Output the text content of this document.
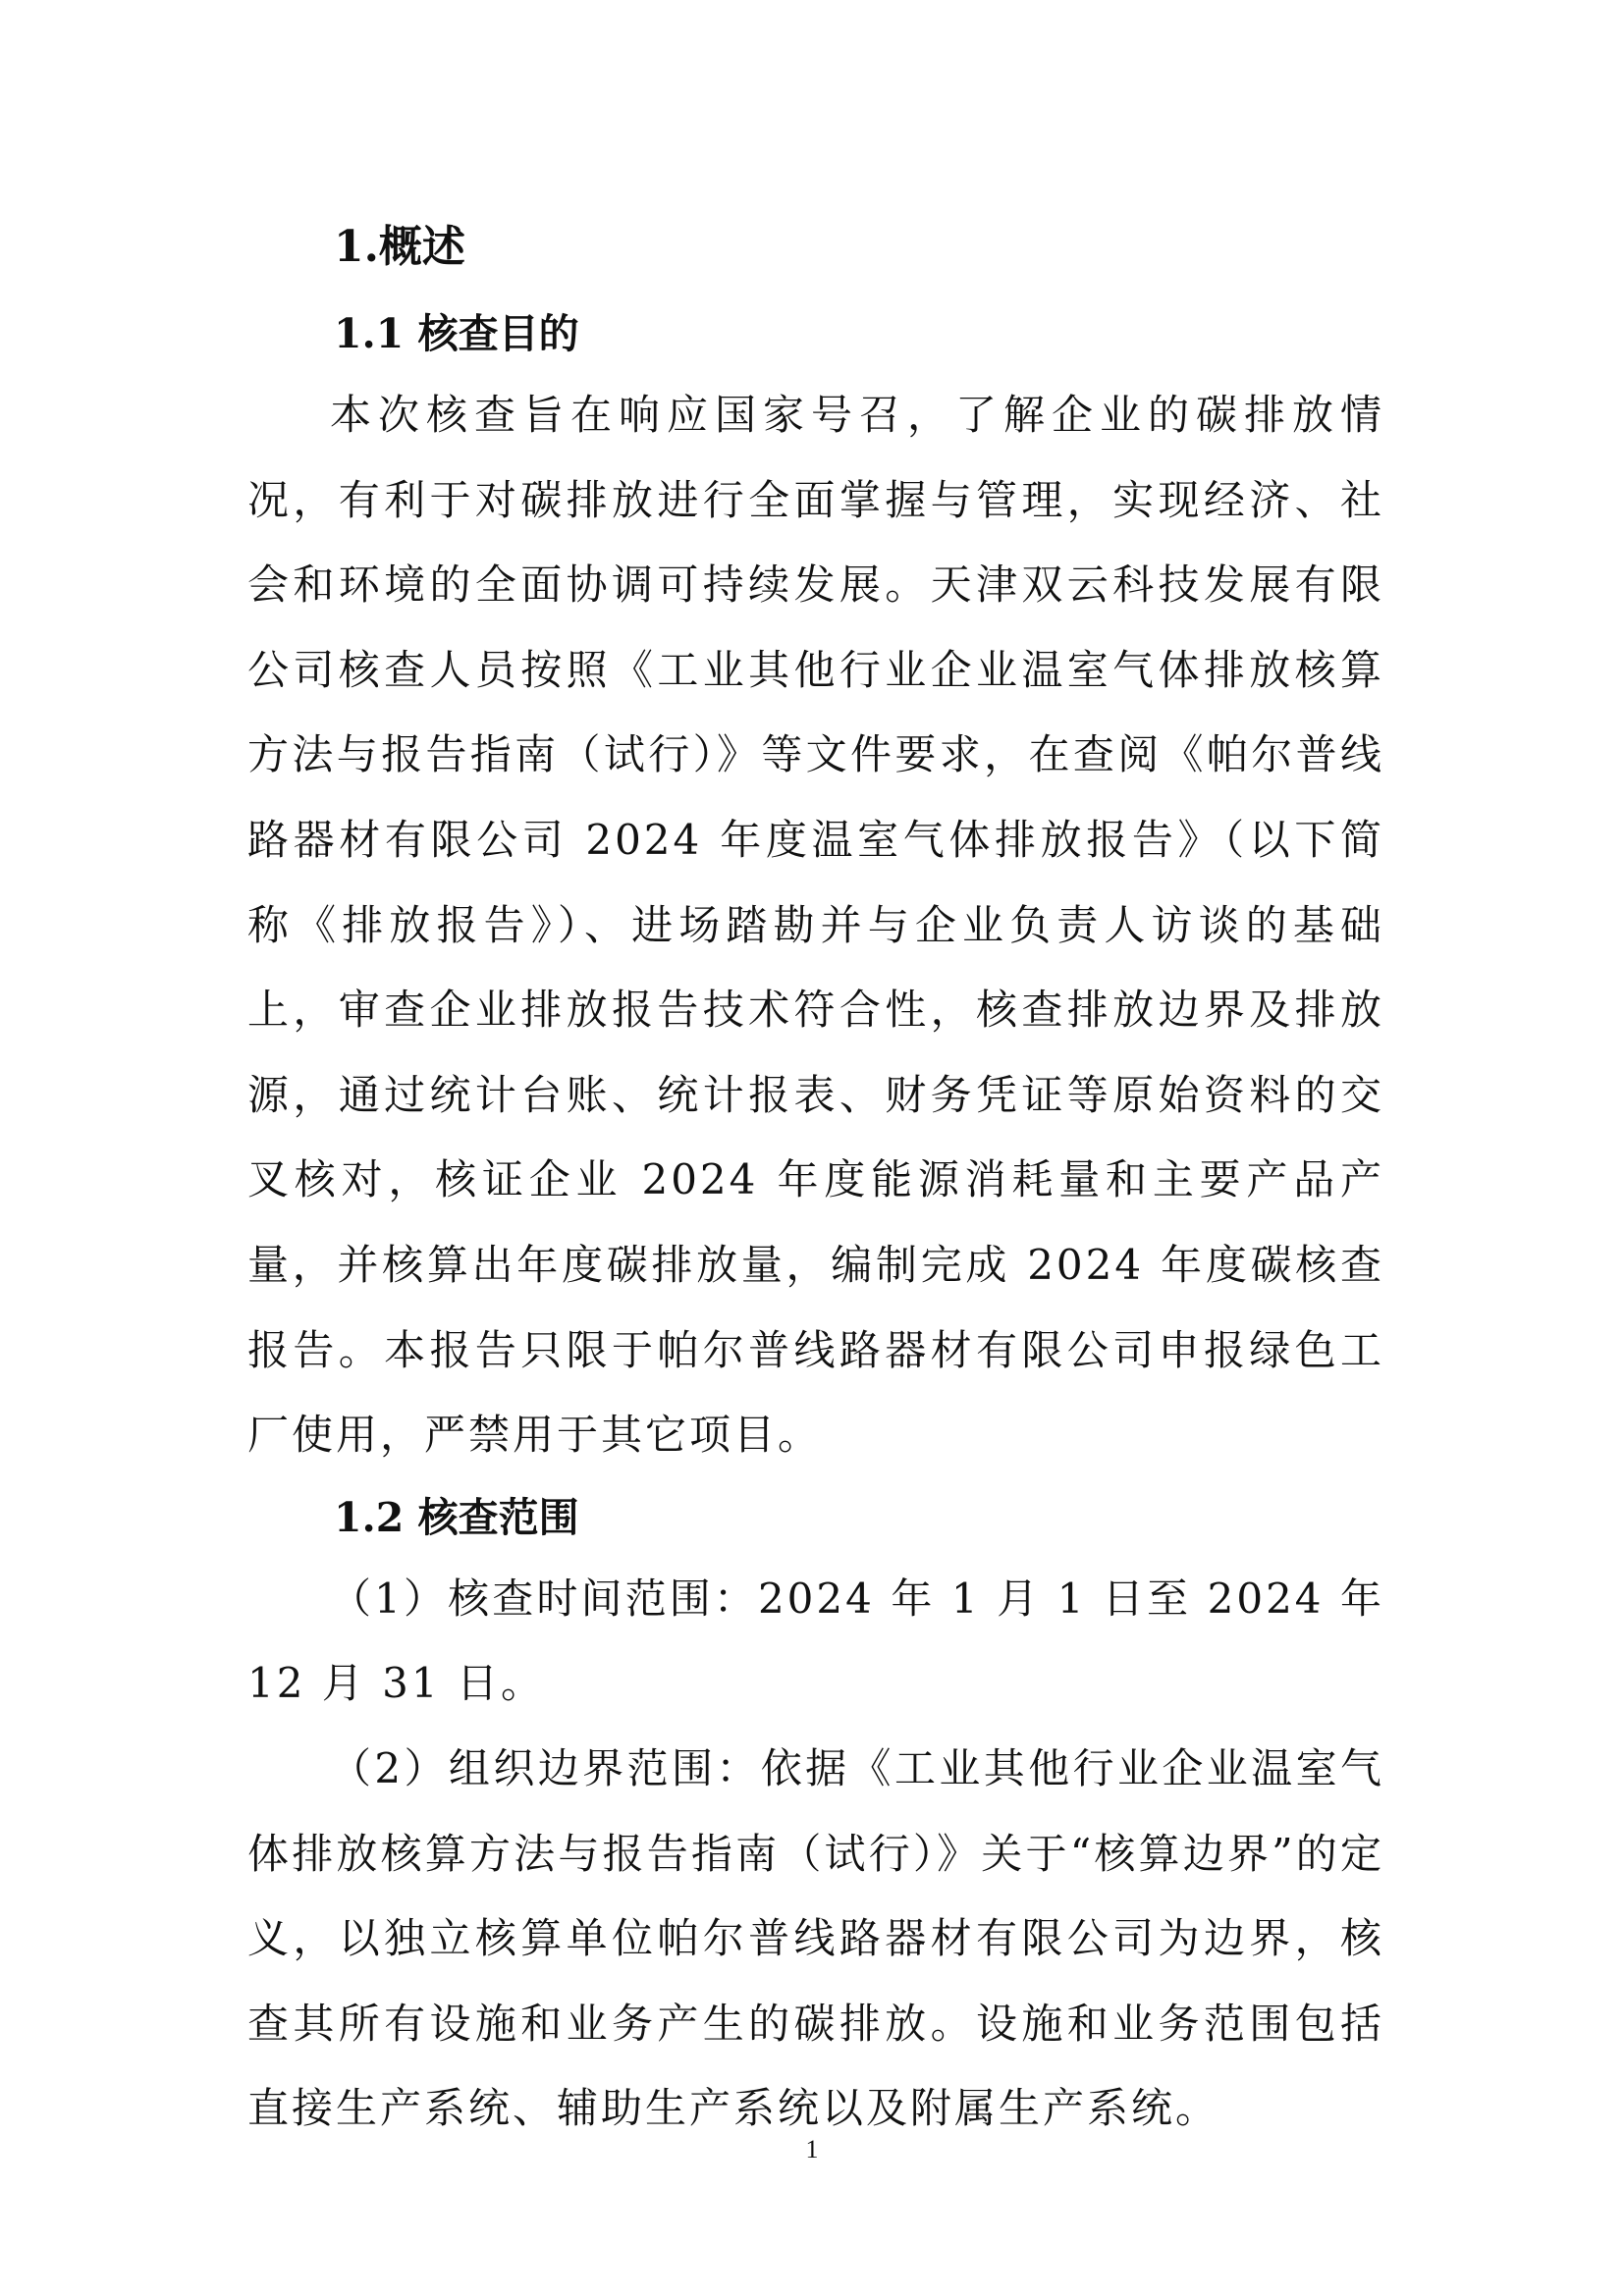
1.概述
1.1 核查目的

本次核查旨在响应国家号召，了解企业的碳排放情况，有利于对碳排放进行全面掌握与管理，实现经济、社会和环境的全面协调可持续发展。天津双云科技发展有限公司核查人员按照《工业其他行业企业温室气体排放核算方法与报告指南（试行）》等文件要求，在查阅《帕尔普线路器材有限公司 2024 年度温室气体排放报告》（以下简称《排放报告》）、进场踏勘并与企业负责人访谈的基础上，审查企业排放报告技术符合性，核查排放边界及排放源，通过统计台账、统计报表、财务凭证等原始资料的交叉核对，核证企业 2024 年度能源消耗量和主要产品产量，并核算出年度碳排放量，编制完成 2024 年度碳核查报告。本报告只限于帕尔普线路器材有限公司申报绿色工厂使用，严禁用于其它项目。

1.2 核查范围

（1）核查时间范围：2024 年 1 月 1 日至 2024 年 12 月 31 日。

（2）组织边界范围：依据《工业其他行业企业温室气体排放核算方法与报告指南（试行）》关于“核算边界”的定义，以独立核算单位帕尔普线路器材有限公司为边界，核查其所有设施和业务产生的碳排放。设施和业务范围包括直接生产系统、辅助生产系统以及附属生产系统。

1
